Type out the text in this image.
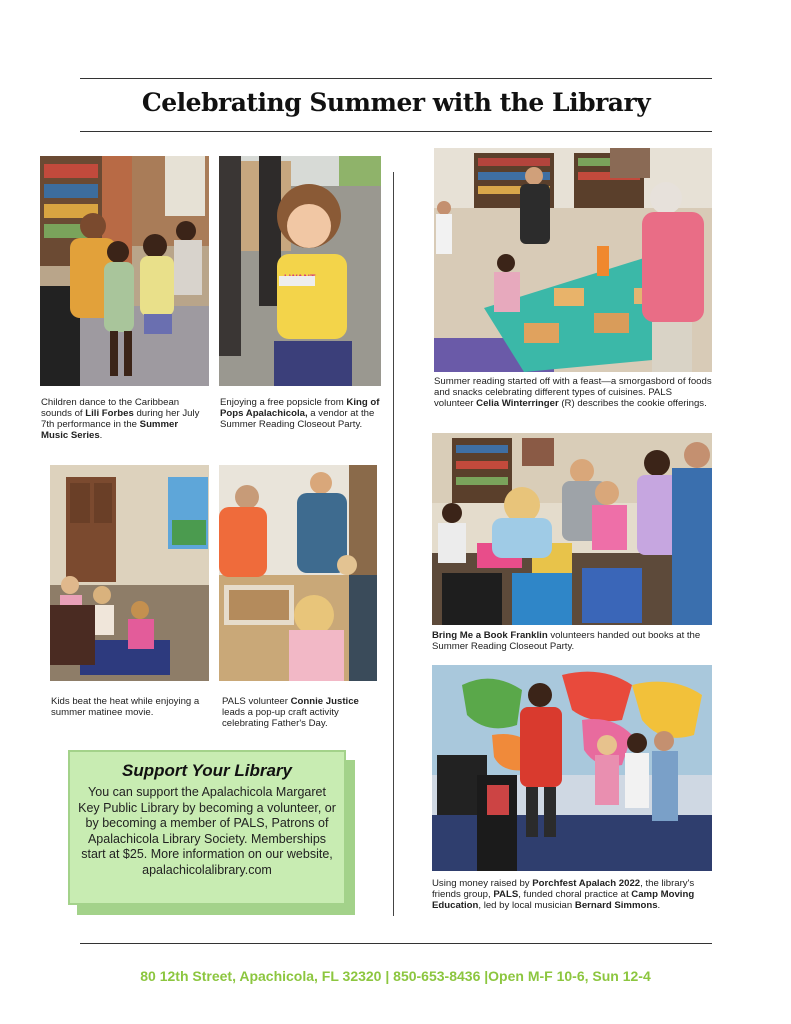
Celebrating Summer with the Library
Children dance to the Caribbean sounds of Lili Forbes during her July 7th performance in the Summer Music Series.
Enjoying a free popsicle from King of Pops Apalachicola, a vendor at the Summer Reading Closeout Party.
Kids beat the heat while enjoying a summer matinee movie.
PALS volunteer Connie Justice leads a pop-up craft activity celebrating Father's Day.
Support Your Library

You can support the Apalachicola Margaret Key Public Library by becoming a volunteer, or by becoming a member of PALS, Patrons of Apalachicola Library Society. Memberships start at $25. More information on our website, apalachicolalibrary.com

Summer reading started off with a feast—a smorgasbord of foods and snacks celebrating different types of cuisines. PALS volunteer Celia Winterringer (R) describes the cookie offerings.
Bring Me a Book Franklin volunteers handed out books at the Summer Reading Closeout Party.
Using money raised by Porchfest Apalach 2022, the library's friends group, PALS, funded choral practice at Camp Moving Education, led by local musician Bernard Simmons.
80 12th Street, Apachicola, FL 32320 | 850-653-8436 |Open M-F 10-6, Sun 12-4
